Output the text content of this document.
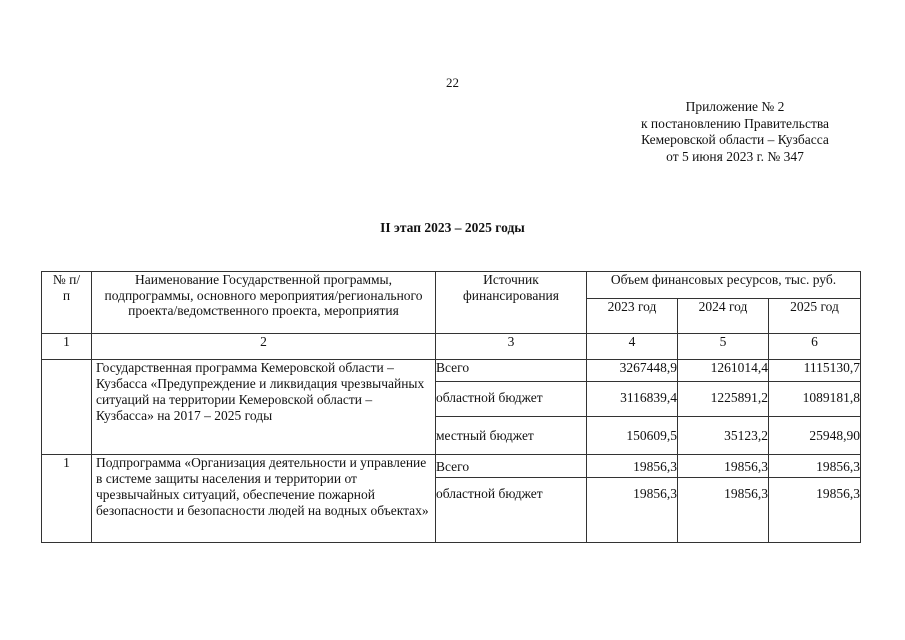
22
Приложение № 2
к постановлению Правительства
Кемеровской области – Кузбасса
от 5 июня 2023 г. № 347
II этап 2023 – 2025 годы
№ п/п	Наименование Государственной программы, подпрограммы, основного мероприятия/регионального проекта/ведомственного проекта, мероприятия	Источник финансирования	Объем финансовых ресурсов, тыс. руб.		
			2023 год	2024 год	2025 год
1	2	3	4	5	6

	Государственная программа Кемеровской области – Кузбасса «Предупреждение и ликвидация чрезвычайных ситуаций на территории Кемеровской области – Кузбасса» на 2017 – 2025 годы	Всего	3267448,9	1261014,4	1115130,7
		областной бюджет	3116839,4	1225891,2	1089181,8
		местный бюджет	150609,5	35123,2	25948,90
1	Подпрограмма «Организация деятельности и управление в системе защиты населения и территории от чрезвычайных ситуаций, обеспечение пожарной безопасности и безопасности людей на водных объектах»	Всего	19856,3	19856,3	19856,3
		областной бюджет	19856,3	19856,3	19856,3
